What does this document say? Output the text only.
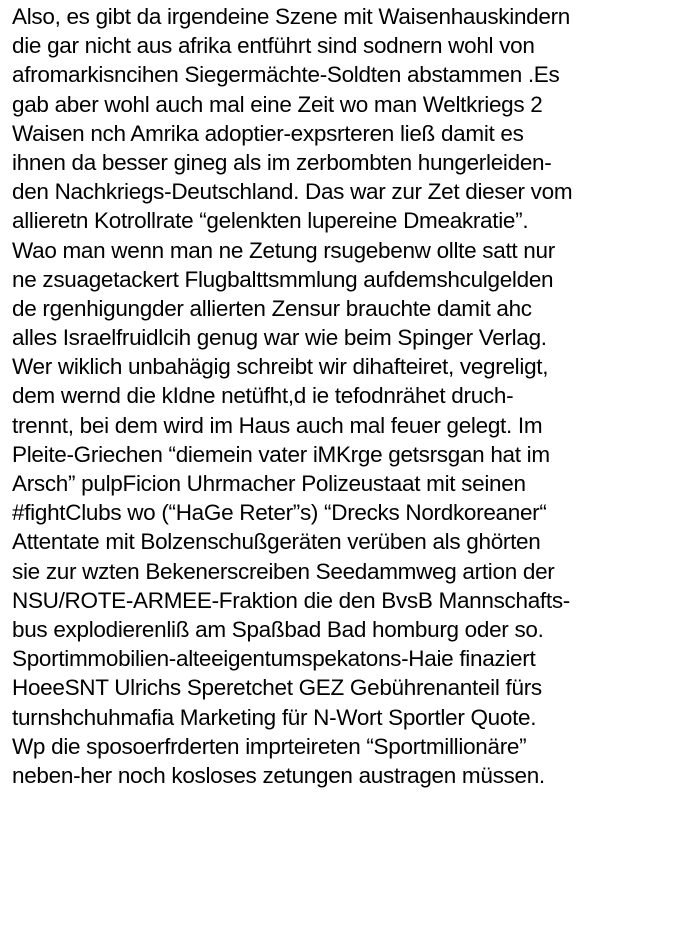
Also, es gibt da irgendeine Szene mit Waisenhauskindern
die gar nicht aus afrika entführt sind sodnern wohl von
afromarkisncihen Siegermächte-Soldten abstammen .Es
gab aber wohl auch mal eine Zeit wo man Weltkriegs 2
Waisen nch Amrika adoptier-expsrteren ließ damit es
ihnen da besser gineg als im zerbombten hungerleiden-
den Nachkriegs-Deutschland. Das war zur Zet dieser vom
allieretn Kotrollrate “gelenkten lupereine Dmeakratie”.
Wao man wenn man ne Zetung rsugebenw ollte satt nur
ne zsuagetackert Flugbalttsmmlung aufdemshculgelden
de rgenhigungder allierten Zensur brauchte damit ahc
alles Israelfruidlcih genug war wie beim Spinger Verlag.
Wer wiklich unbahägig schreibt wir dihafteiret, vegreligt,
dem wernd die kIdne netüfht,d ie tefodnrähet druch-
trennt, bei dem wird im Haus auch mal feuer gelegt. Im
Pleite-Griechen “diemein vater iMKrge getsrsgan hat im
Arsch” pulpFicion Uhrmacher Polizeustaat mit seinen
#fightClubs wo (“HaGe Reter”s) “Drecks Nordkoreaner“
Attentate mit Bolzenschußgeräten verüben als ghörten
sie zur wzten Bekenerscreiben Seedammweg artion der
NSU/ROTE-ARMEE-Fraktion die den BvsB Mannschafts-
bus explodierenliß am Spaßbad Bad homburg oder so.
Sportimmobilien-alteeigentumspekatons-Haie finaziert
HoeeSNT Ulrichs Speretchet GEZ Gebührenanteil fürs
turnshchuhmafia Marketing für N-Wort Sportler Quote.
Wp die sposoerfrderten imprteireten “Sportmillionäre”
neben-her noch kosloses zetungen austragen müssen.
